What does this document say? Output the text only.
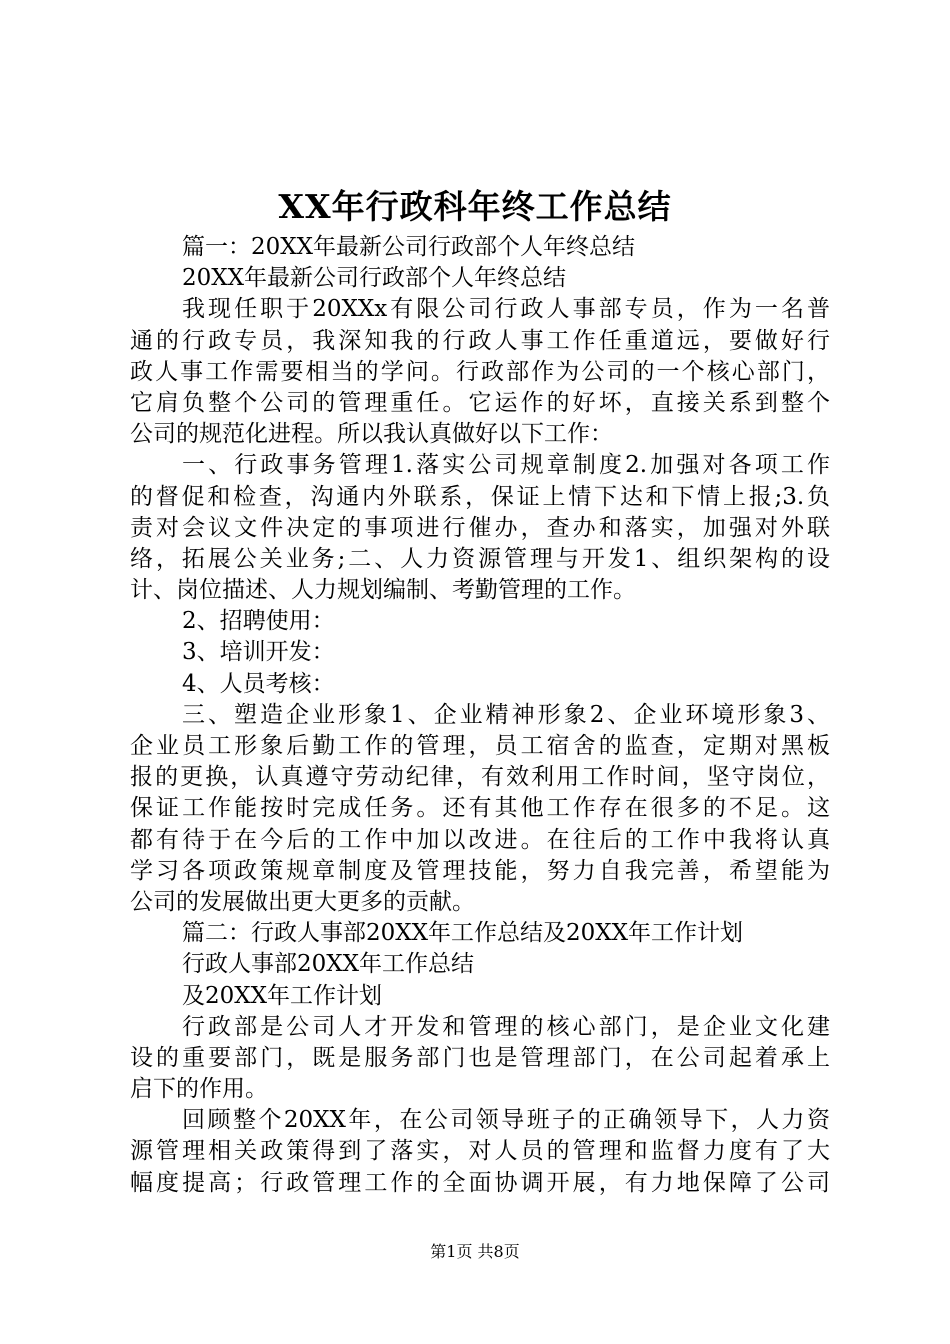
XX年行政科年终工作总结
篇一：20XX年最新公司行政部个人年终总结
20XX年最新公司行政部个人年终总结
我现任职于20XXx有限公司行政人事部专员，作为一名普
通的行政专员，我深知我的行政人事工作任重道远，要做好行
政人事工作需要相当的学问。行政部作为公司的一个核心部门，
它肩负整个公司的管理重任。它运作的好坏，直接关系到整个
公司的规范化进程。所以我认真做好以下工作：
一、行政事务管理1.落实公司规章制度2.加强对各项工作
的督促和检查，沟通内外联系，保证上情下达和下情上报;3.负
责对会议文件决定的事项进行催办，查办和落实，加强对外联
络，拓展公关业务;二、人力资源管理与开发1、组织架构的设
计、岗位描述、人力规划编制、考勤管理的工作。
2、招聘使用：
3、培训开发：
4、人员考核：
三、塑造企业形象1、企业精神形象2、企业环境形象3、
企业员工形象后勤工作的管理，员工宿舍的监查，定期对黑板
报的更换，认真遵守劳动纪律，有效利用工作时间，坚守岗位，
保证工作能按时完成任务。还有其他工作存在很多的不足。这
都有待于在今后的工作中加以改进。在往后的工作中我将认真
学习各项政策规章制度及管理技能，努力自我完善，希望能为
公司的发展做出更大更多的贡献。
篇二：行政人事部20XX年工作总结及20XX年工作计划
行政人事部20XX年工作总结
及20XX年工作计划
行政部是公司人才开发和管理的核心部门，是企业文化建
设的重要部门，既是服务部门也是管理部门，在公司起着承上
启下的作用。
回顾整个20XX年，在公司领导班子的正确领导下，人力资
源管理相关政策得到了落实，对人员的管理和监督力度有了大
幅度提高；行政管理工作的全面协调开展，有力地保障了公司
第1页 共8页
